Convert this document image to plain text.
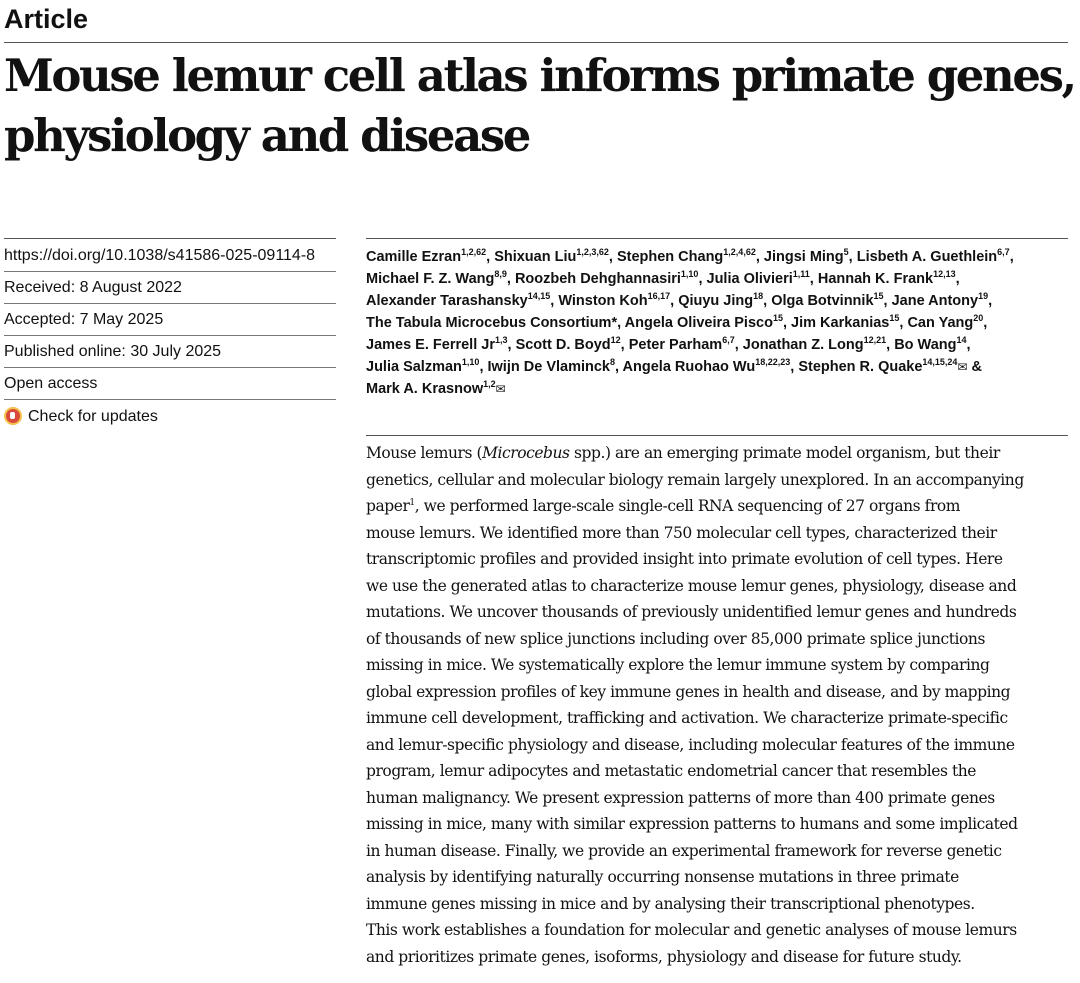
Article
Mouse lemur cell atlas informs primate genes,
physiology and disease
https://doi.org/10.1038/s41586-025-09114-8
Received: 8 August 2022
Accepted: 7 May 2025
Published online: 30 July 2025
Open access
Check for updates
Camille Ezran$^{1,2,62}$, Shixuan Liu$^{1,2,3,62}$, Stephen Chang$^{1,2,4,62}$, Jingsi Ming$^5$, Lisbeth A. Guethlein$^{6,7}$,
Michael F. Z. Wang$^{8,9}$, Roozbeh Dehghannasiri$^{1,10}$, Julia Olivieri$^{1,11}$, Hannah K. Frank$^{12,13}$,
Alexander Tarashansky$^{14,15}$, Winston Koh$^{16,17}$, Qiuyu Jing$^{18}$, Olga Botvinnik$^{15}$, Jane Antony$^{19}$,
The Tabula Microcebus Consortium*, Angela Oliveira Pisco$^{15}$, Jim Karkanias$^{15}$, Can Yang$^{20}$,
James E. Ferrell Jr$^{1,3}$, Scott D. Boyd$^{12}$, Peter Parham$^{6,7}$, Jonathan Z. Long$^{12,21}$, Bo Wang$^{14}$,
Julia Salzman$^{1,10}$, Iwijn De Vlaminck$^8$, Angela Ruohao Wu$^{18,22,23}$, Stephen R. Quake$^{14,15,24}$✉ &
Mark A. Krasnow$^{1,2}$✉
Mouse lemurs (Microcebus spp.) are an emerging primate model organism, but their
genetics, cellular and molecular biology remain largely unexplored. In an accompanying
paper$^1$, we performed large-scale single-cell RNA sequencing of 27 organs from
mouse lemurs. We identified more than 750 molecular cell types, characterized their
transcriptomic profiles and provided insight into primate evolution of cell types. Here
we use the generated atlas to characterize mouse lemur genes, physiology, disease and
mutations. We uncover thousands of previously unidentified lemur genes and hundreds
of thousands of new splice junctions including over 85,000 primate splice junctions
missing in mice. We systematically explore the lemur immune system by comparing
global expression profiles of key immune genes in health and disease, and by mapping
immune cell development, trafficking and activation. We characterize primate-specific
and lemur-specific physiology and disease, including molecular features of the immune
program, lemur adipocytes and metastatic endometrial cancer that resembles the
human malignancy. We present expression patterns of more than 400 primate genes
missing in mice, many with similar expression patterns to humans and some implicated
in human disease. Finally, we provide an experimental framework for reverse genetic
analysis by identifying naturally occurring nonsense mutations in three primate
immune genes missing in mice and by analysing their transcriptional phenotypes.
This work establishes a foundation for molecular and genetic analyses of mouse lemurs
and prioritizes primate genes, isoforms, physiology and disease for future study.
